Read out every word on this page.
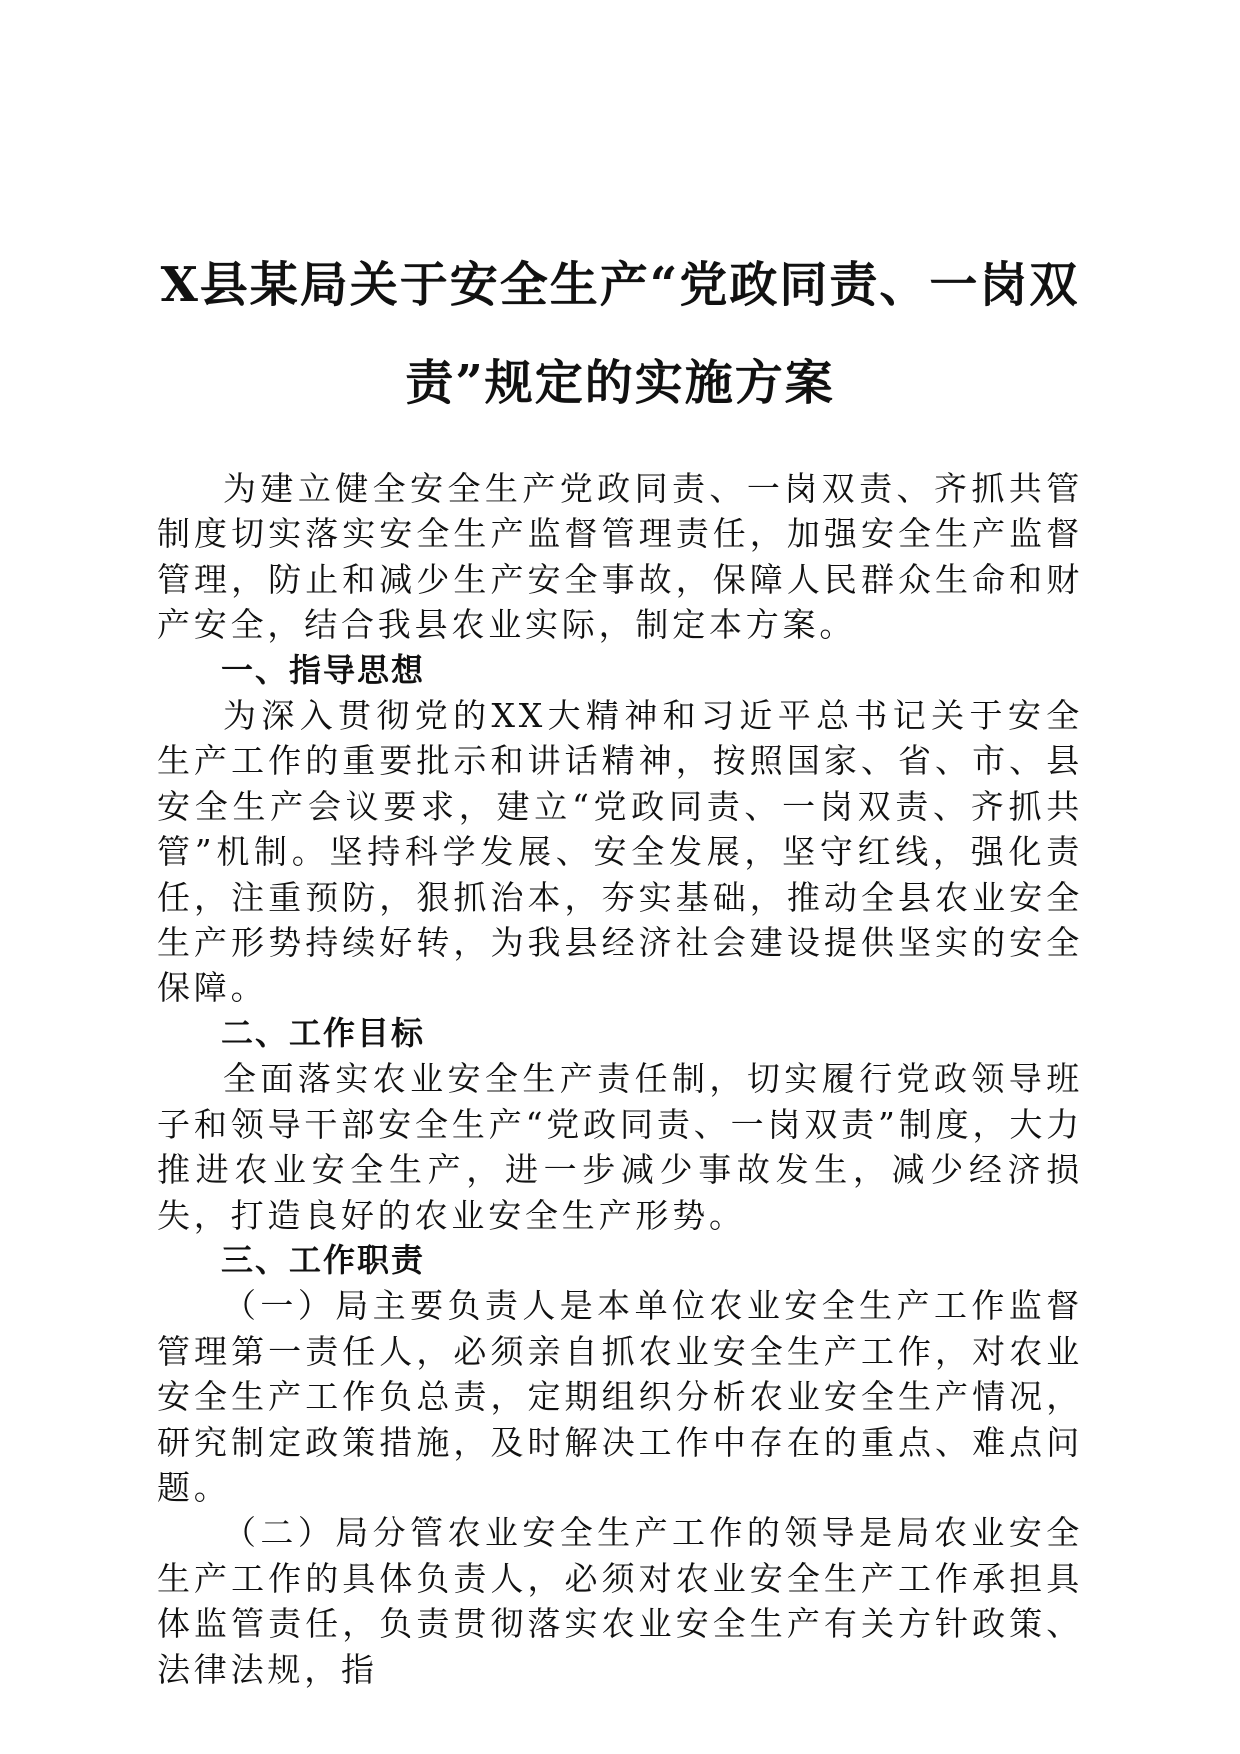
X县某局关于安全生产“党政同责、一岗双
责”规定的实施方案

为建立健全安全生产党政同责、一岗双责、齐抓共管制度切实落实安全生产监督管理责任，加强安全生产监督管理，防止和减少生产安全事故，保障人民群众生命和财产安全，结合我县农业实际，制定本方案。

一、指导思想

为深入贯彻党的XX大精神和习近平总书记关于安全生产工作的重要批示和讲话精神，按照国家、省、市、县安全生产会议要求，建立“党政同责、一岗双责、齐抓共管”机制。坚持科学发展、安全发展，坚守红线，强化责任，注重预防，狠抓治本，夯实基础，推动全县农业安全生产形势持续好转，为我县经济社会建设提供坚实的安全保障。

二、工作目标

全面落实农业安全生产责任制，切实履行党政领导班子和领导干部安全生产“党政同责、一岗双责”制度，大力推进农业安全生产，进一步减少事故发生，减少经济损失，打造良好的农业安全生产形势。

三、工作职责

（一）局主要负责人是本单位农业安全生产工作监督管理第一责任人，必须亲自抓农业安全生产工作，对农业安全生产工作负总责，定期组织分析农业安全生产情况，研究制定政策措施，及时解决工作中存在的重点、难点问题。

（二）局分管农业安全生产工作的领导是局农业安全生产工作的具体负责人，必须对农业安全生产工作承担具体监管责任，负责贯彻落实农业安全生产有关方针政策、法律法规，指
